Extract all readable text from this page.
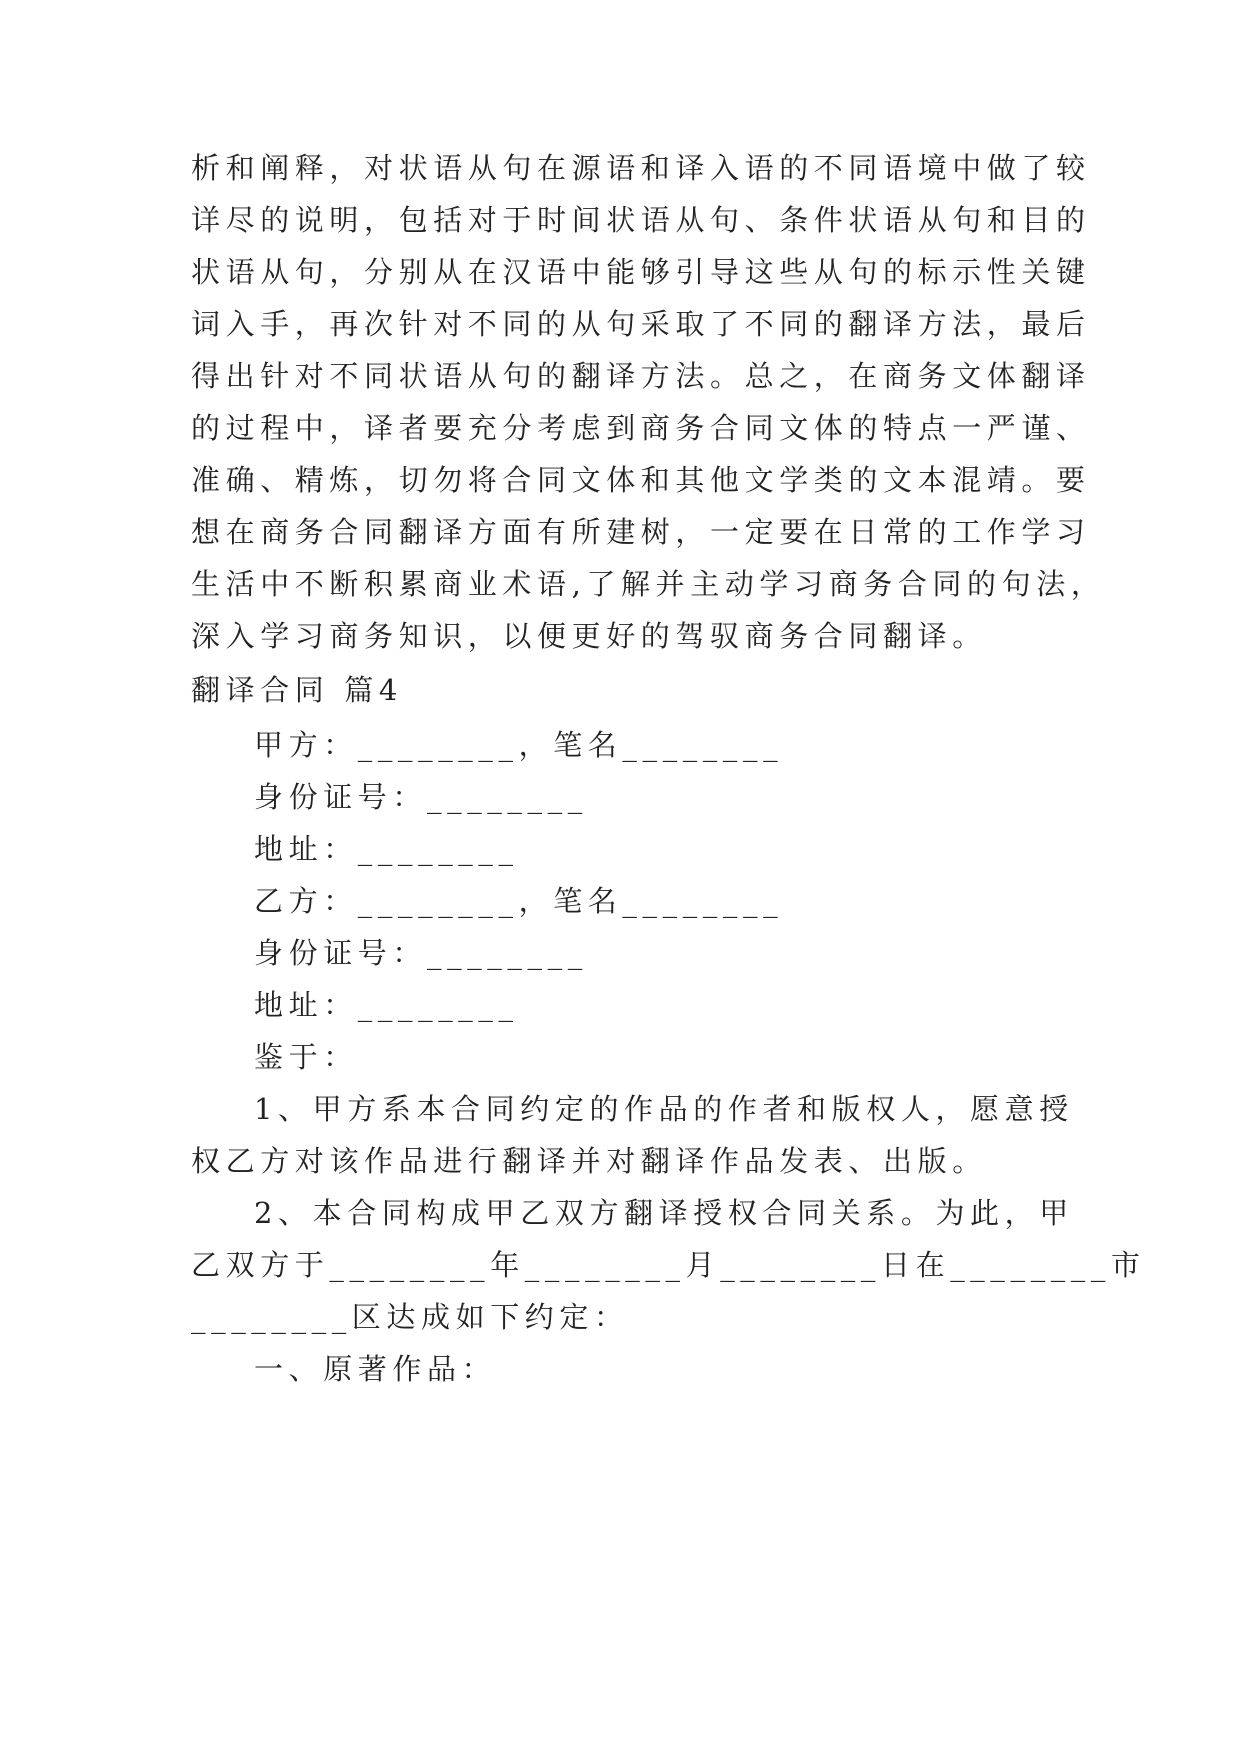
析和阐释，对状语从句在源语和译入语的不同语境中做了较
详尽的说明，包括对于时间状语从句、条件状语从句和目的
状语从句，分别从在汉语中能够引导这些从句的标示性关键
词入手，再次针对不同的从句采取了不同的翻译方法，最后
得出针对不同状语从句的翻译方法。总之，在商务文体翻译
的过程中，译者要充分考虑到商务合同文体的特点一严谨、
准确、精炼，切勿将合同文体和其他文学类的文本混靖。要
想在商务合同翻译方面有所建树，一定要在日常的工作学习
生活中不断积累商业术语,了解并主动学习商务合同的句法，
深入学习商务知识，以便更好的驾驭商务合同翻译。
翻译合同 篇4
甲方：________，笔名________
身份证号：________
地址：________
乙方：________，笔名________
身份证号：________
地址：________
鉴于：
1、甲方系本合同约定的作品的作者和版权人，愿意授
权乙方对该作品进行翻译并对翻译作品发表、出版。
2、本合同构成甲乙双方翻译授权合同关系。为此，甲
乙双方于________年________月________日在________市
________区达成如下约定：
一、原著作品：
